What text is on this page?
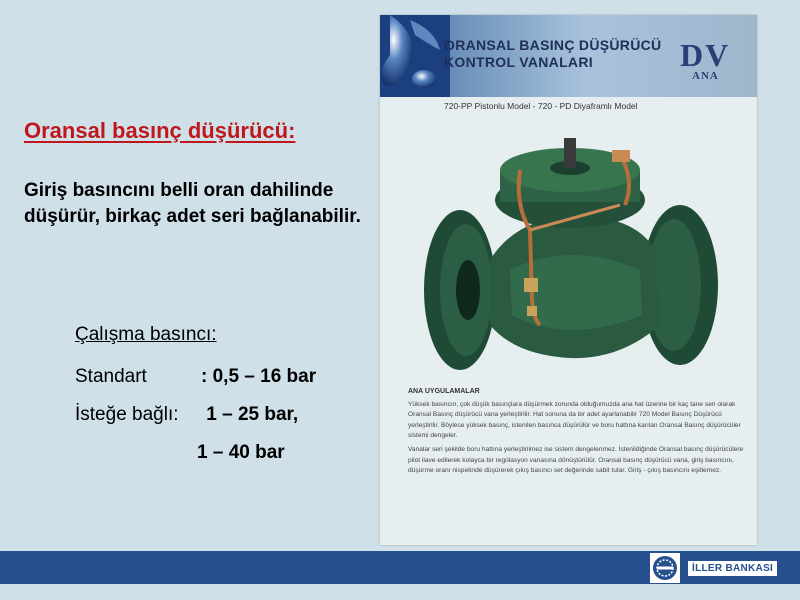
Oransal basınç düşürücü:

Giriş basıncını belli oran dahilinde düşürür, birkaç adet seri bağlanabilir.

Çalışma basıncı:
Standart	: 0,5 – 16 bar
İsteğe bağlı:	1 – 25 bar,
1 – 40 bar
ORANSAL BASINÇ DÜŞÜRÜCÜ
KONTROL VANALARI	DV
ANA
720-PP Pistonlu Model - 720 - PD Diyaframlı Model
ANA UYGULAMALAR

Yüksek basıncın, çok düşük basınçlara düşürmek zorunda olduğumuzda ana hat üzerine bir kaç tane seri olarak Oransal Basınç düşürücü vana yerleştirilir. Hat sonuna da bir adet ayarlanabilir 720 Model Basınç Düşürücü yerleştirilir. Böylece yüksek basınç, istenilen basınca düşürülür ve boru hattına karılan Oransal Basınç düşürücüler sistemi dengeler.

Vanalar seri şekilde boru hattına yerleştirilmez ise sistem dengelenmez. İstenildiğinde Oransal basınç düşürücülere pilot ilave edilerek kolayca bir regülasyon vanasına dönüştürülür. Oransal basınç düşürücü vana, giriş basıncını, düşürme oranı nispetinde düşürerek çıkış basıncı set değerinde sabit tutar. Giriş - çıkış basıncını eşitlemez.

İLLER BANKASI
